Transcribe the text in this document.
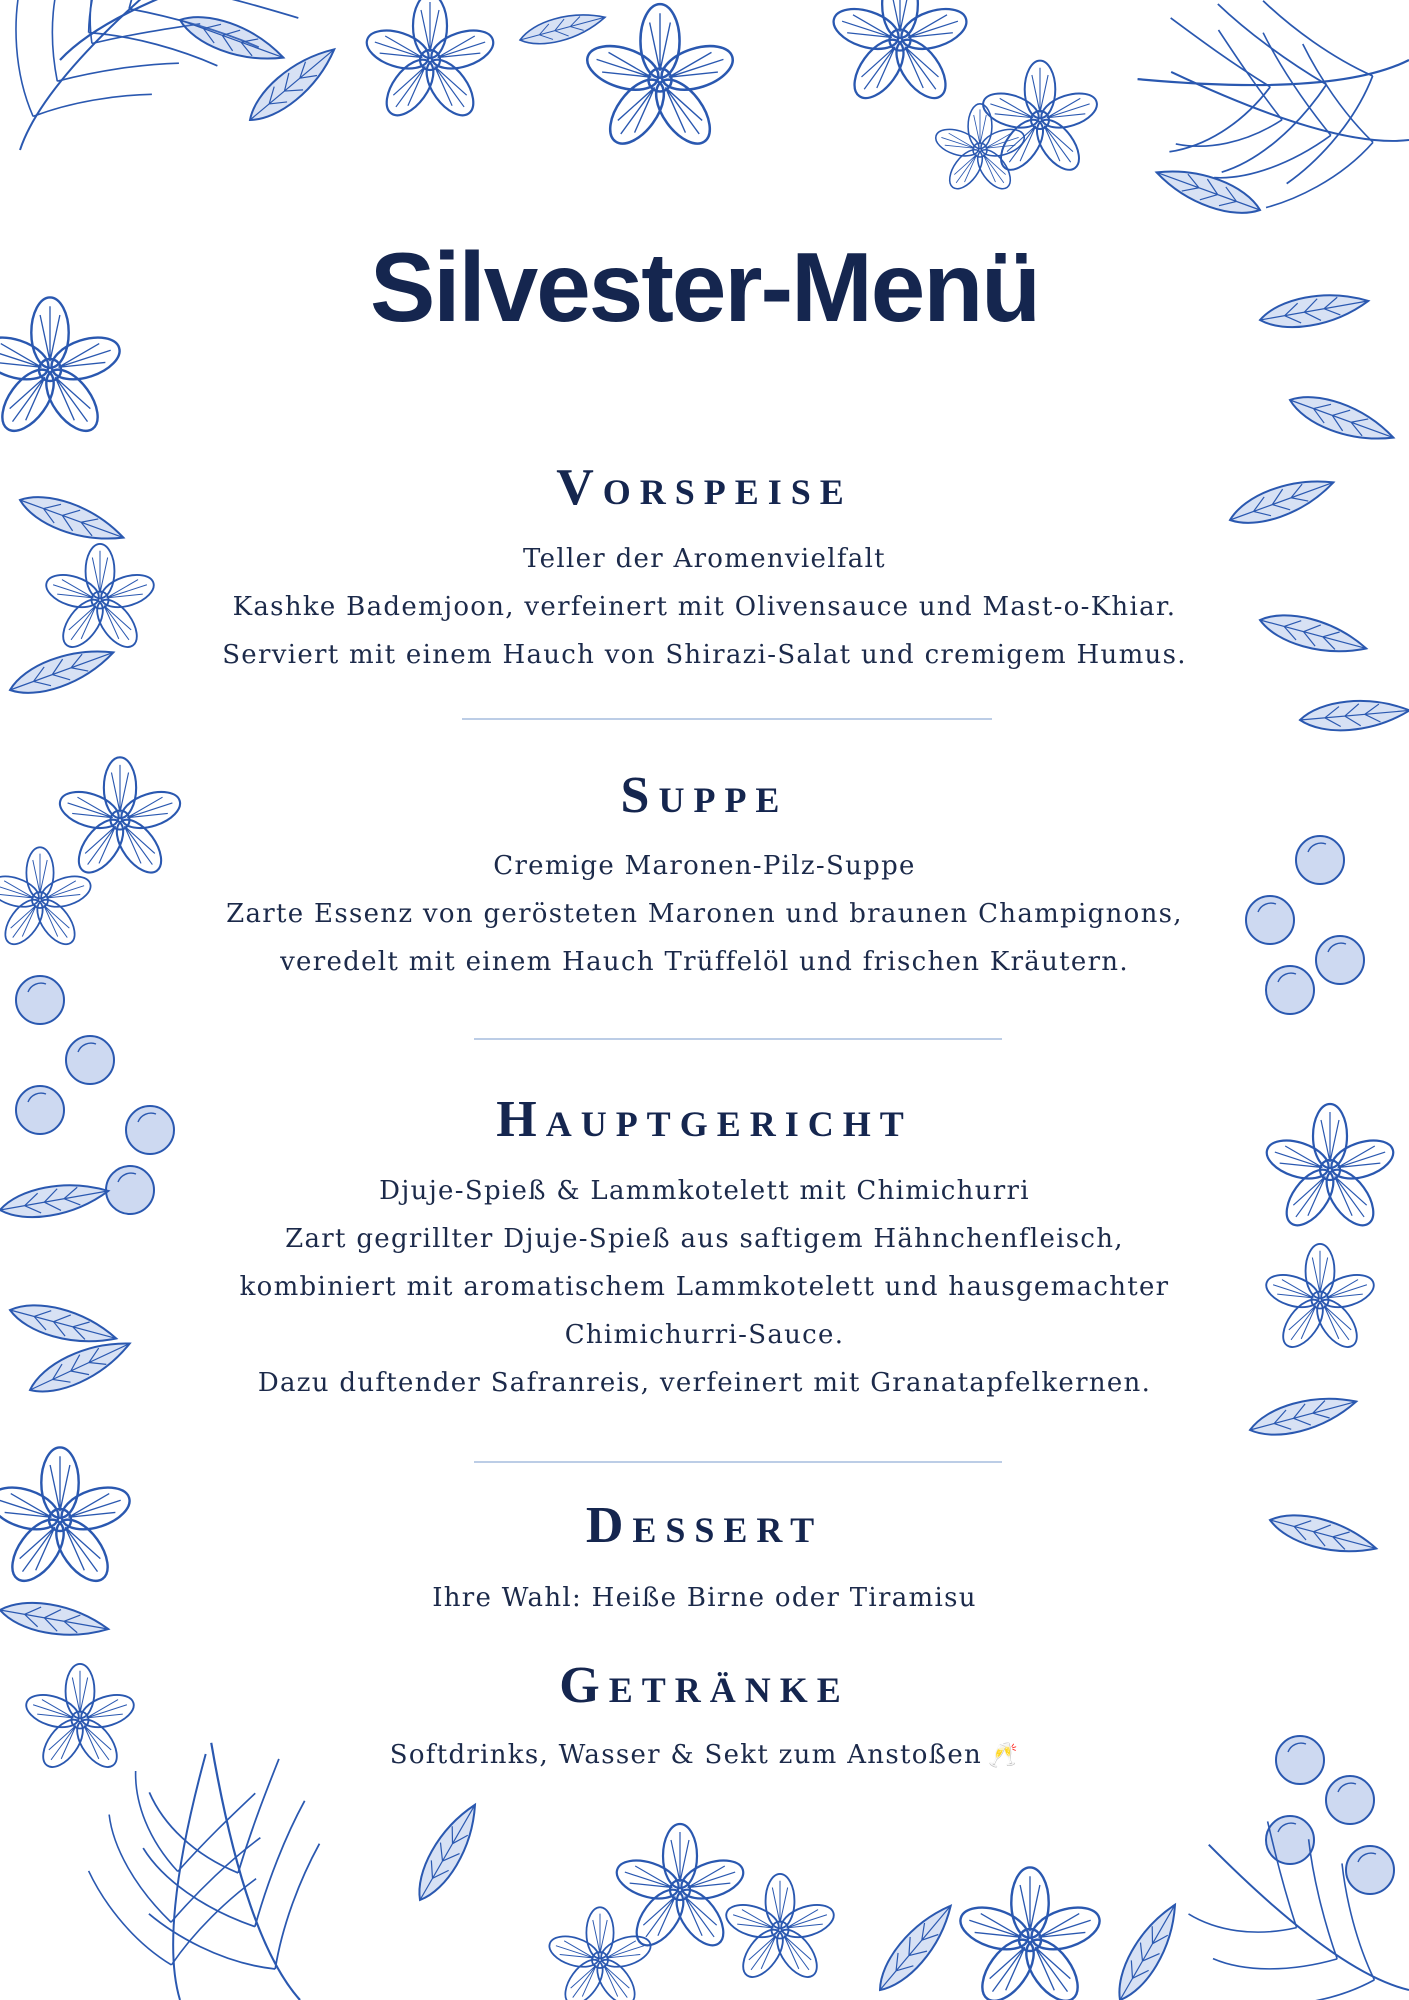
Silvester-Menü
Vorspeise
Teller der Aromenvielfalt
Kashke Bademjoon, verfeinert mit Olivensauce und Mast-o-Khiar.
Serviert mit einem Hauch von Shirazi-Salat und cremigem Humus.
Suppe
Cremige Maronen-Pilz-Suppe
Zarte Essenz von gerösteten Maronen und braunen Champignons,
veredelt mit einem Hauch Trüffelöl und frischen Kräutern.
Hauptgericht
Djuje-Spieß & Lammkotelett mit Chimichurri
Zart gegrillter Djuje-Spieß aus saftigem Hähnchenfleisch,
kombiniert mit aromatischem Lammkotelett und hausgemachter
Chimichurri-Sauce.
Dazu duftender Safranreis, verfeinert mit Granatapfelkernen.
Dessert
Ihre Wahl: Heiße Birne oder Tiramisu
Getränke
Softdrinks, Wasser & Sekt zum Anstoßen 🥂
